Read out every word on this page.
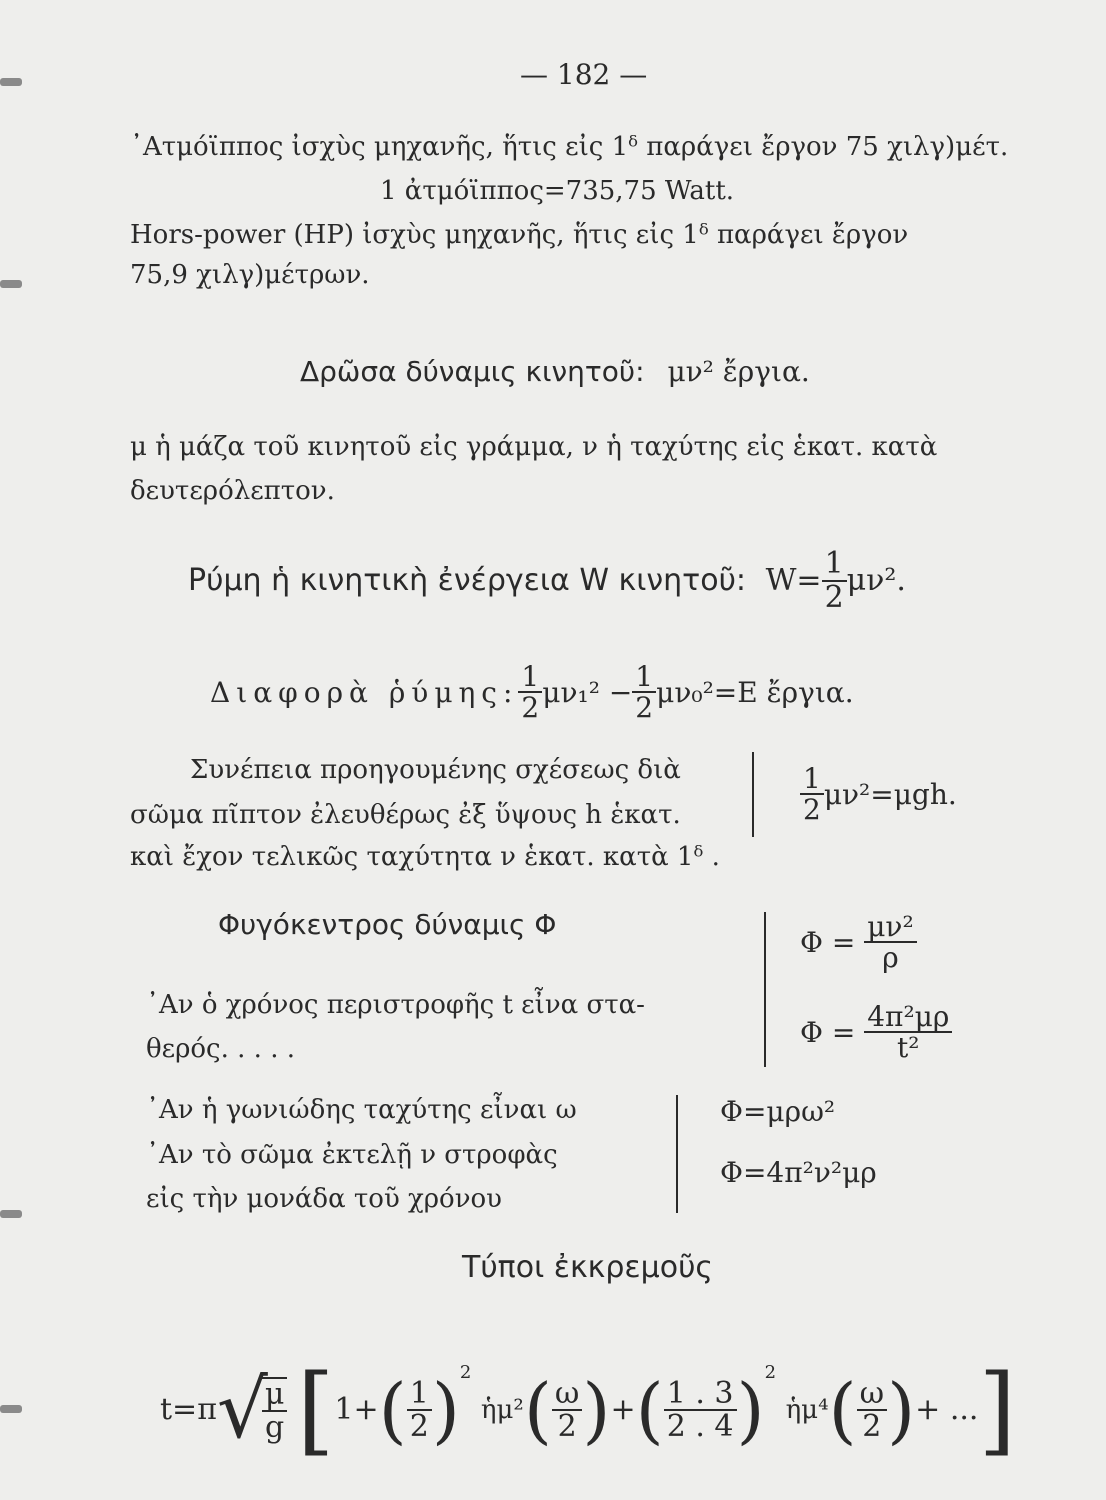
— 182 —
᾿Ατμόϊππος ἰσχὺς μηχανῆς, ἥτις εἰς 1ᵟ παράγει ἔργον 75 χιλγ)μέτ.
1 ἀτμόϊππος=735,75 Watt.
Hors-power (HP) ἰσχὺς μηχανῆς, ἥτις εἰς 1ᵟ παράγει ἔργον
75,9 χιλγ)μέτρων.
Δρῶσα δύναμις κινητοῦ: μν² ἔργια.
μ ἡ μάζα τοῦ κινητοῦ εἰς γράμμα, ν ἡ ταχύτης εἰς ἑκατ. κατὰ
δευτερόλεπτον.
Ρύμη ἡ κινητικὴ ἐνέργεια W κινητοῦ: $W= \frac{1}{2} \mu\nu^2$.
Διαφορὰ ῥύμης: $\frac{1}{2} \mu\nu_1^2 - \frac{1}{2} \mu\nu_0^2=E$ ἔργια.
Συνέπεια προηγουμένης σχέσεως διὰ
σῶμα πῖπτον ἐλευθέρως ἐξ ὕψους h ἑκατ.
καὶ ἔχον τελικῶς ταχύτητα ν ἑκατ. κατὰ 1ᵟ .
$\frac{1}{2} \mu\nu^2=\mu gh$.
Φυγόκεντρος δύναμις Φ
᾿Αν ὁ χρόνος περιστροφῆς t εἶνα στα-
θερός. . . . .
$\Phi = \frac{\text{μν²}}{\rho}$
$\Phi = \frac{\text{4π²μρ}}{\text{t²}}$
᾿Αν ἡ γωνιώδης ταχύτης εἶναι ω
᾿Αν τὸ σῶμα ἐκτελῇ ν στροφὰς
εἰς τὴν μονάδα τοῦ χρόνου
Φ=μρω²
Φ=4π²ν²μρ
Τύποι ἐκκρεμοῦς
t=π√
$\frac{\mu}{g} [1+( \frac{1}{2} )^2$ ἡμ²( $\frac{\omega}{2}$ )+( $\frac{1 . 3}{2 . 4} )^2$ ἡμ⁴( $\frac{\omega}{2}$ )+ ...]
